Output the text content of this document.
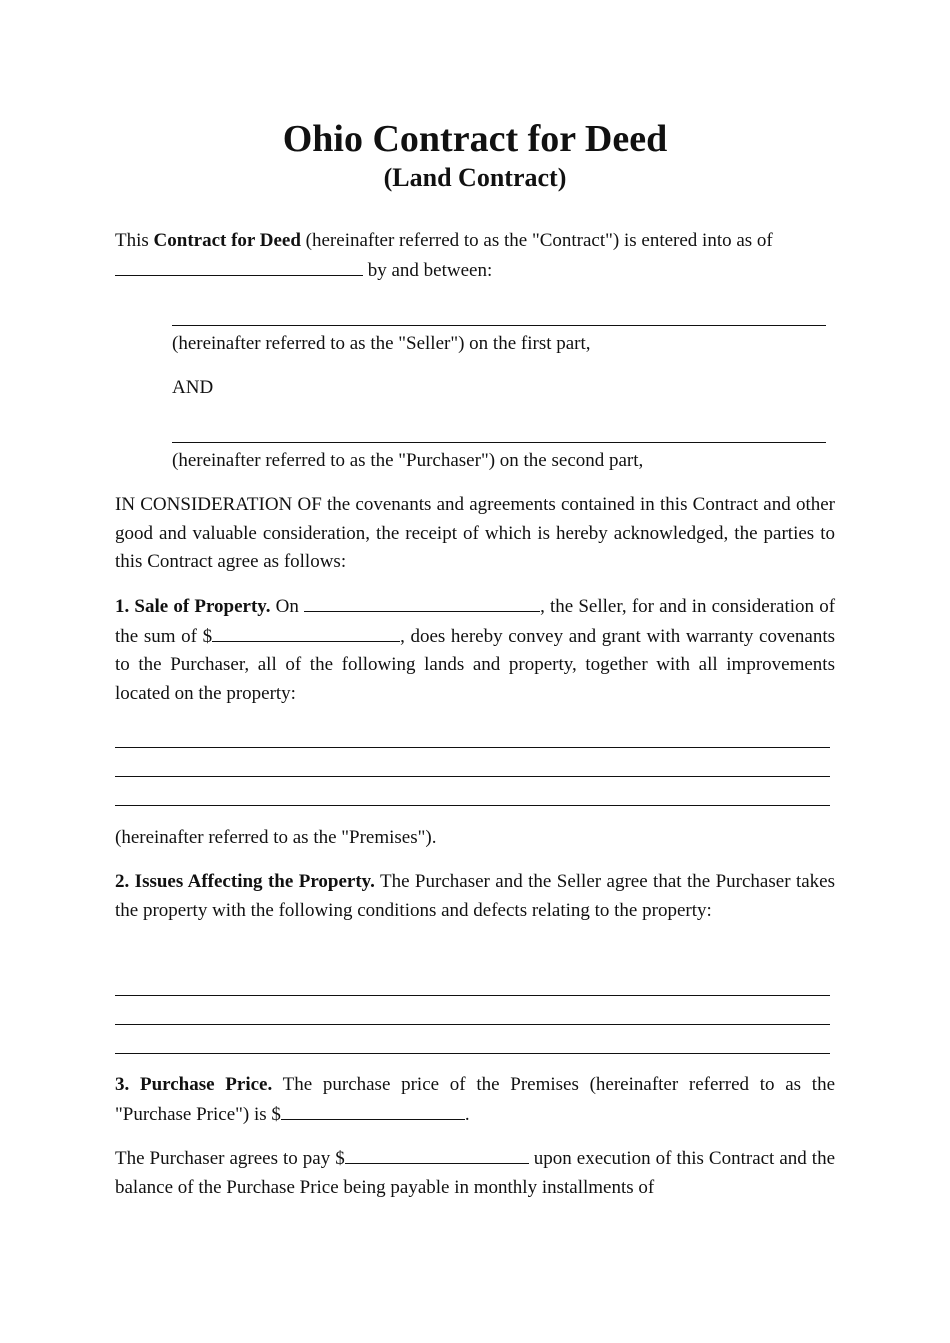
Ohio Contract for Deed
(Land Contract)

This Contract for Deed (hereinafter referred to as the "Contract") is entered into as of

by and between:

(hereinafter referred to as the "Seller") on the first part,

AND

(hereinafter referred to as the "Purchaser") on the second part,

IN CONSIDERATION OF the covenants and agreements contained in this Contract and other good and valuable consideration, the receipt of which is hereby acknowledged, the parties to this Contract agree as follows:

1. Sale of Property. On	, the Seller, for and in consideration of the sum of $	, does hereby convey and grant with warranty covenants to the Purchaser, all of the following lands and property, together with all improvements located on the property:

(hereinafter referred to as the "Premises").

2. Issues Affecting the Property. The Purchaser and the Seller agree that the Purchaser takes the property with the following conditions and defects relating to the property:

3. Purchase Price. The purchase price of the Premises (hereinafter referred to as the "Purchase Price") is $	.

The Purchaser agrees to pay $	upon execution of this Contract and the balance of the Purchase Price being payable in monthly installments of
